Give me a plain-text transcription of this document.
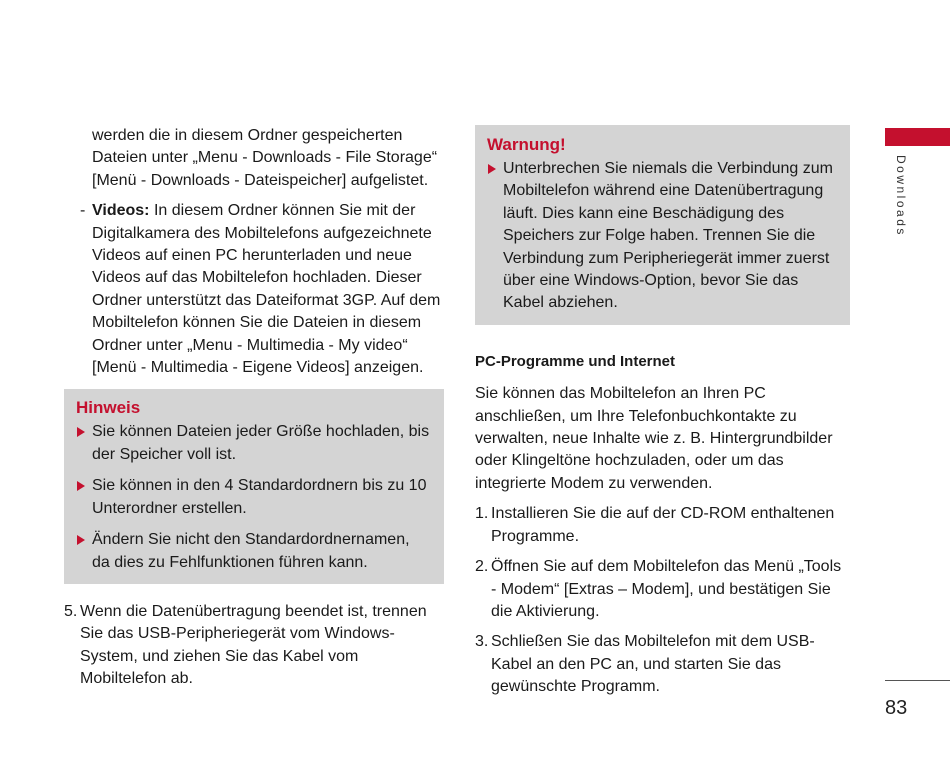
Downloads

werden die in diesem Ordner gespeicherten Dateien unter „Menu - Downloads - File Storage“ [Menü - Downloads - Dateispeicher] aufgelistet.

- Videos: In diesem Ordner können Sie mit der Digitalkamera des Mobiltelefons aufgezeichnete Videos auf einen PC herunterladen und neue Videos auf das Mobiltelefon hochladen. Dieser Ordner unterstützt das Dateiformat 3GP. Auf dem Mobiltelefon können Sie die Dateien in diesem Ordner unter „Menu - Multimedia - My video“ [Menü - Multimedia - Eigene Videos] anzeigen.

Hinweis
Sie können Dateien jeder Größe hochladen, bis der Speicher voll ist.
Sie können in den 4 Standardordnern bis zu 10 Unterordner erstellen.
Ändern Sie nicht den Standardordnernamen, da dies zu Fehlfunktionen führen kann.
5. Wenn die Datenübertragung beendet ist, trennen Sie das USB-Peripheriegerät vom Windows-System, und ziehen Sie das Kabel vom Mobiltelefon ab.
Warnung!
Unterbrechen Sie niemals die Verbindung zum Mobiltelefon während eine Datenübertragung läuft. Dies kann eine Beschädigung des Speichers zur Folge haben. Trennen Sie die Verbindung zum Peripheriegerät immer zuerst über eine Windows-Option, bevor Sie das Kabel abziehen.
PC-Programme und Internet

Sie können das Mobiltelefon an Ihren PC anschließen, um Ihre Telefonbuchkontakte zu verwalten, neue Inhalte wie z. B. Hintergrundbilder oder Klingeltöne hochzuladen, oder um das integrierte Modem zu verwenden.

1. Installieren Sie die auf der CD-ROM enthaltenen Programme.
2. Öffnen Sie auf dem Mobiltelefon das Menü „Tools - Modem“ [Extras – Modem], und bestätigen Sie die Aktivierung.
3. Schließen Sie das Mobiltelefon mit dem USB-Kabel an den PC an, und starten Sie das gewünschte Programm.
83
